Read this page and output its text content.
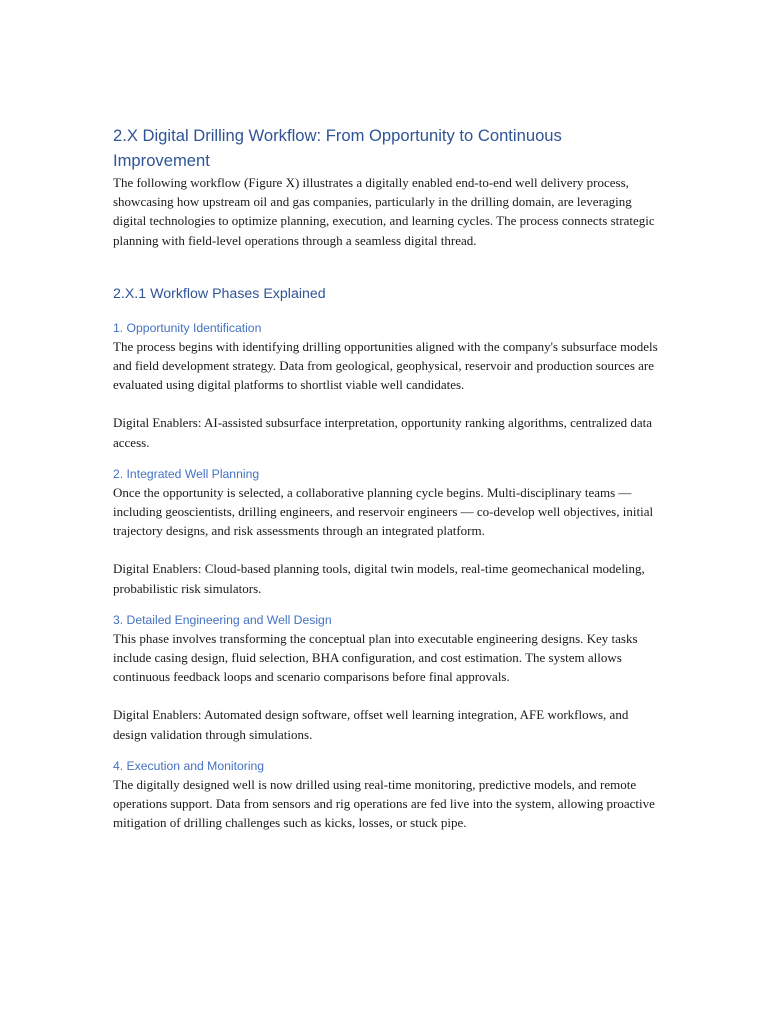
2.X Digital Drilling Workflow: From Opportunity to Continuous Improvement

The following workflow (Figure X) illustrates a digitally enabled end-to-end well delivery process, showcasing how upstream oil and gas companies, particularly in the drilling domain, are leveraging digital technologies to optimize planning, execution, and learning cycles. The process connects strategic planning with field-level operations through a seamless digital thread.

2.X.1 Workflow Phases Explained
1. Opportunity Identification

The process begins with identifying drilling opportunities aligned with the company's subsurface models and field development strategy. Data from geological, geophysical, reservoir and production sources are evaluated using digital platforms to shortlist viable well candidates.

Digital Enablers: AI-assisted subsurface interpretation, opportunity ranking algorithms, centralized data access.

2. Integrated Well Planning

Once the opportunity is selected, a collaborative planning cycle begins. Multi-disciplinary teams — including geoscientists, drilling engineers, and reservoir engineers — co-develop well objectives, initial trajectory designs, and risk assessments through an integrated platform.

Digital Enablers: Cloud-based planning tools, digital twin models, real-time geomechanical modeling, probabilistic risk simulators.

3. Detailed Engineering and Well Design

This phase involves transforming the conceptual plan into executable engineering designs. Key tasks include casing design, fluid selection, BHA configuration, and cost estimation. The system allows continuous feedback loops and scenario comparisons before final approvals.

Digital Enablers: Automated design software, offset well learning integration, AFE workflows, and design validation through simulations.

4. Execution and Monitoring

The digitally designed well is now drilled using real-time monitoring, predictive models, and remote operations support. Data from sensors and rig operations are fed live into the system, allowing proactive mitigation of drilling challenges such as kicks, losses, or stuck pipe.
